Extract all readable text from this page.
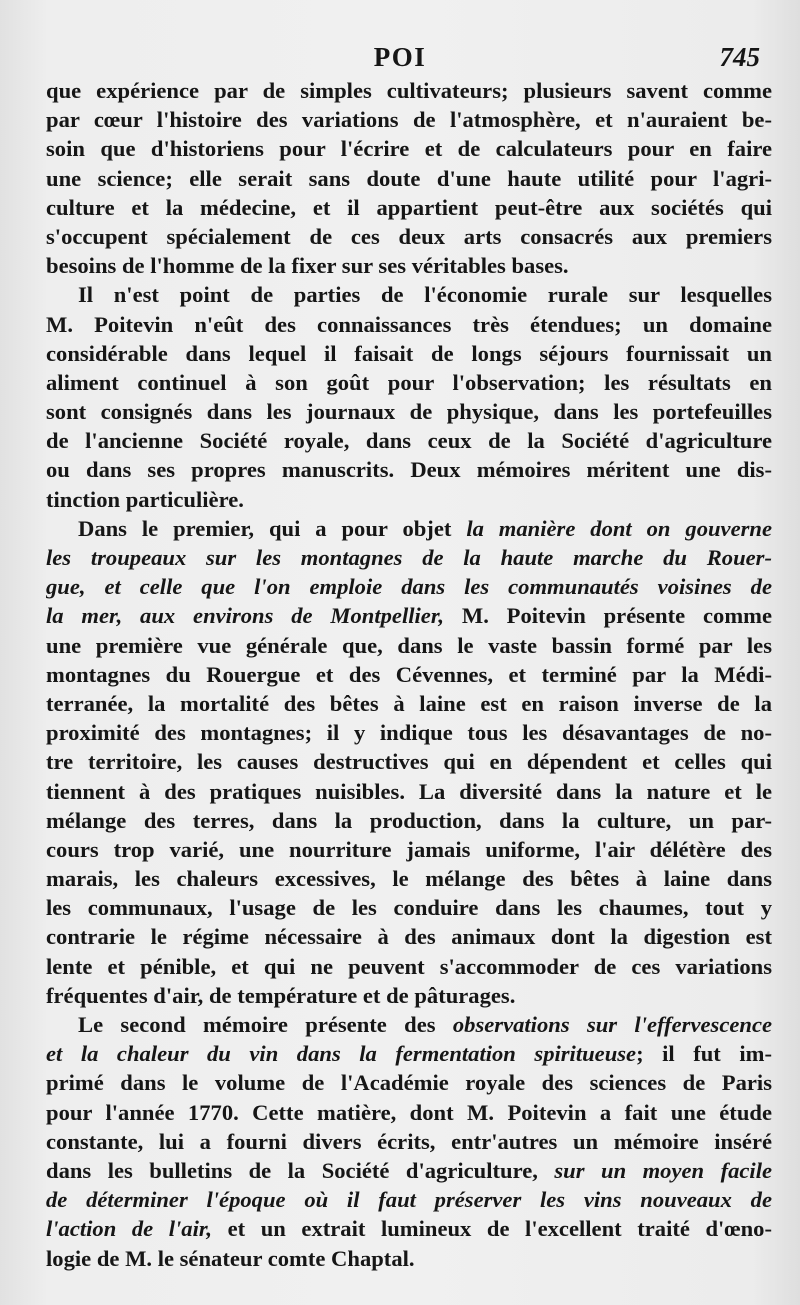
POI	745
que expérience par de simples cultivateurs; plusieurs savent comme
par cœur l'histoire des variations de l'atmosphère, et n'auraient be-
soin que d'historiens pour l'écrire et de calculateurs pour en faire
une science; elle serait sans doute d'une haute utilité pour l'agri-
culture et la médecine, et il appartient peut-être aux sociétés qui
s'occupent spécialement de ces deux arts consacrés aux premiers
besoins de l'homme de la fixer sur ses véritables bases.
Il n'est point de parties de l'économie rurale sur lesquelles
M. Poitevin n'eût des connaissances très étendues; un domaine
considérable dans lequel il faisait de longs séjours fournissait un
aliment continuel à son goût pour l'observation; les résultats en
sont consignés dans les journaux de physique, dans les portefeuilles
de l'ancienne Société royale, dans ceux de la Société d'agriculture
ou dans ses propres manuscrits. Deux mémoires méritent une dis-
tinction particulière.
Dans le premier, qui a pour objet la manière dont on gouverne
les troupeaux sur les montagnes de la haute marche du Rouer-
gue, et celle que l'on emploie dans les communautés voisines de
la mer, aux environs de Montpellier, M. Poitevin présente comme
une première vue générale que, dans le vaste bassin formé par les
montagnes du Rouergue et des Cévennes, et terminé par la Médi-
terranée, la mortalité des bêtes à laine est en raison inverse de la
proximité des montagnes; il y indique tous les désavantages de no-
tre territoire, les causes destructives qui en dépendent et celles qui
tiennent à des pratiques nuisibles. La diversité dans la nature et le
mélange des terres, dans la production, dans la culture, un par-
cours trop varié, une nourriture jamais uniforme, l'air délétère des
marais, les chaleurs excessives, le mélange des bêtes à laine dans
les communaux, l'usage de les conduire dans les chaumes, tout y
contrarie le régime nécessaire à des animaux dont la digestion est
lente et pénible, et qui ne peuvent s'accommoder de ces variations
fréquentes d'air, de température et de pâturages.
Le second mémoire présente des observations sur l'effervescence
et la chaleur du vin dans la fermentation spiritueuse; il fut im-
primé dans le volume de l'Académie royale des sciences de Paris
pour l'année 1770. Cette matière, dont M. Poitevin a fait une étude
constante, lui a fourni divers écrits, entr'autres un mémoire inséré
dans les bulletins de la Société d'agriculture, sur un moyen facile
de déterminer l'époque où il faut préserver les vins nouveaux de
l'action de l'air, et un extrait lumineux de l'excellent traité d'œno-
logie de M. le sénateur comte Chaptal.
